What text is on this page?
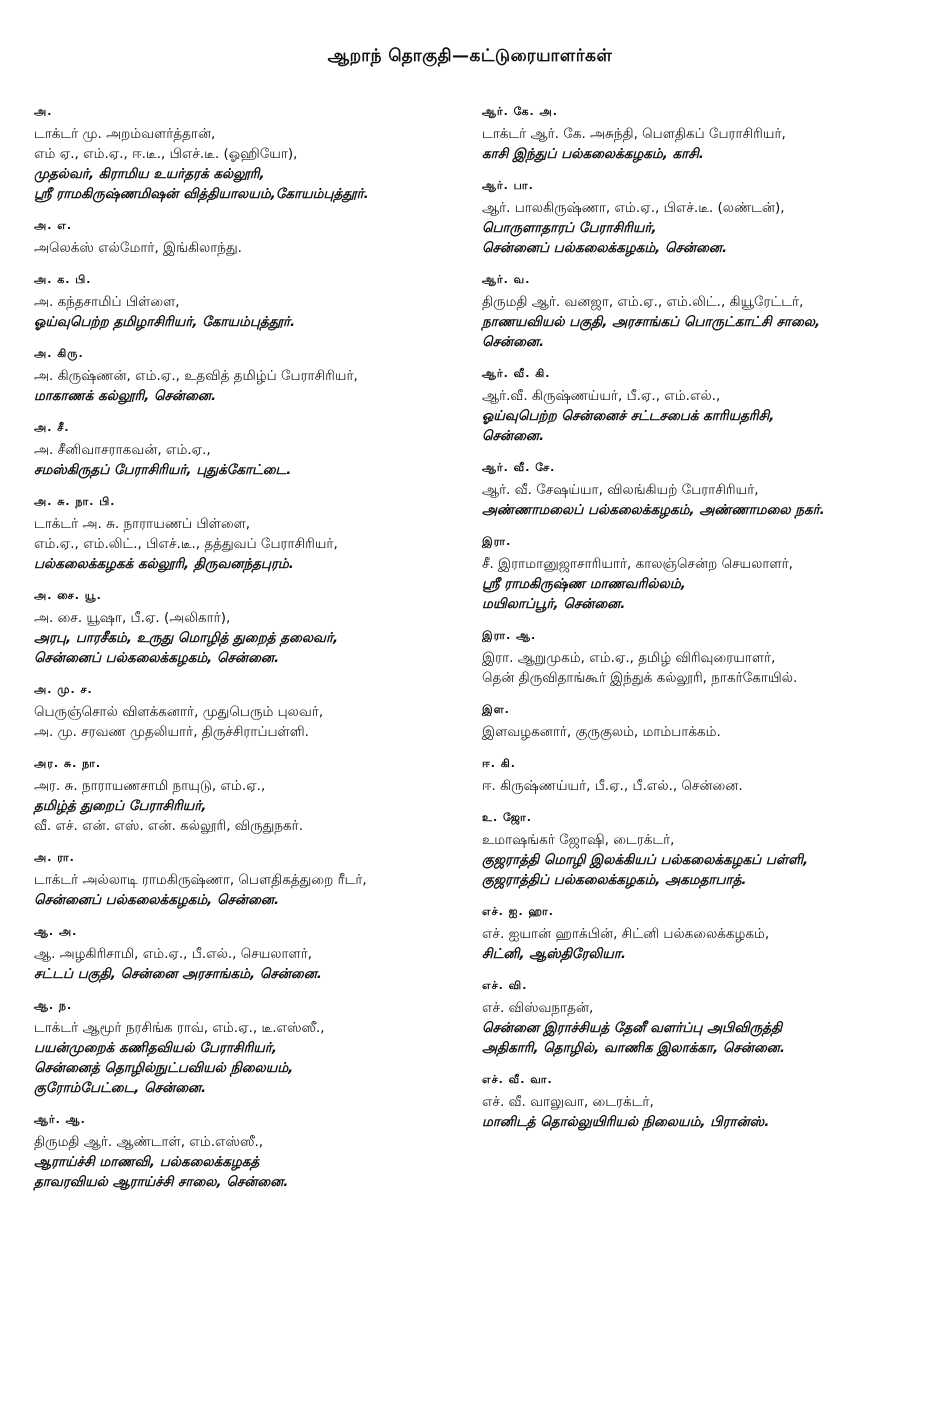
ஆறாந் தொகுதி—கட்டுரையாளர்கள்
அ.
டாக்டர் மு. அறம்வளர்த்தான்,
எம் ஏ., எம்.ஏ., ஈ.டீ., பிஎச்.டீ. (ஓஹியோ),
முதல்வர், கிராமிய உயர்தரக் கல்லூரி,
ஸ்ரீ ராமகிருஷ்ணமிஷன் வித்தியாலயம்,கோயம்புத்தூர்.
அ. எ.
அலெக்ஸ் எல்மோர், இங்கிலாந்து.
அ. க. பி.
அ. கந்தசாமிப் பிள்ளை,
ஓய்வுபெற்ற தமிழாசிரியர், கோயம்புத்தூர்.
அ. கிரு.
அ. கிருஷ்ணன், எம்.ஏ., உதவித் தமிழ்ப் பேராசிரியர்,
மாகாணக் கல்லூரி, சென்னை.
அ. சீ.
அ. சீனிவாசராகவன், எம்.ஏ.,
சமஸ்கிருதப் பேராசிரியர், புதுக்கோட்டை.
அ. சு. நா. பி.
டாக்டர் அ. சு. நாராயணப் பிள்ளை,
எம்.ஏ., எம்.லிட்., பிஎச்.டீ., தத்துவப் பேராசிரியர்,
பல்கலைக்கழகக் கல்லூரி, திருவனந்தபுரம்.
அ. சை. யூ.
அ. சை. யூஷா, பீ.ஏ. (அலிகார்),
அரபு, பாரசீகம், உருது மொழித் துறைத் தலைவர்,
சென்னைப் பல்கலைக்கழகம், சென்னை.
அ. மு. ச.
பெருஞ்சொல் விளக்கனார், முதுபெரும் புலவர்,
அ. மு. சரவண முதலியார், திருச்சிராப்பள்ளி.
அர. சு. நா.
அர. சு. நாராயணசாமி நாயுடு, எம்.ஏ.,
தமிழ்த் துறைப் பேராசிரியர்,
வீ. எச். என். எஸ். என். கல்லூரி, விருதுநகர்.
அ. ரா.
டாக்டர் அல்லாடி ராமகிருஷ்ணா, பௌதிகத்துறை ரீடர்,
சென்னைப் பல்கலைக்கழகம், சென்னை.
ஆ. அ.
ஆ. அழகிரிசாமி, எம்.ஏ., பீ.எல்., செயலாளர்,
சட்டப் பகுதி, சென்னை அரசாங்கம், சென்னை.
ஆ. ந.
டாக்டர் ஆமூர் நரசிங்க ராவ், எம்.ஏ., டீ.எஸ்ஸீ.,
பயன்முறைக் கணிதவியல் பேராசிரியர்,
சென்னைத் தொழில்நுட்பவியல் நிலையம்,
குரோம்பேட்டை, சென்னை.
ஆர். ஆ.
திருமதி ஆர். ஆண்டாள், எம்.எஸ்ஸீ.,
ஆராய்ச்சி மாணவி, பல்கலைக்கழகத்
தாவரவியல் ஆராய்ச்சி சாலை, சென்னை.
ஆர். கே. அ.
டாக்டர் ஆர். கே. அசுந்தி, பௌதிகப் பேராசிரியர்,
காசி இந்துப் பல்கலைக்கழகம், காசி.
ஆர். பா.
ஆர். பாலகிருஷ்ணா, எம்.ஏ., பிஎச்.டீ. (லண்டன்),
பொருளாதாரப் பேராசிரியர்,
சென்னைப் பல்கலைக்கழகம், சென்னை.
ஆர். வ.
திருமதி ஆர். வனஜா, எம்.ஏ., எம்.லிட்., கியூரேட்டர்,
நாணயவியல் பகுதி, அரசாங்கப் பொருட்காட்சி சாலை,
சென்னை.
ஆர். வீ. கி.
ஆர்.வீ. கிருஷ்ணய்யர், பீ.ஏ., எம்.எல்.,
ஓய்வுபெற்ற சென்னைச் சட்டசபைக் காரியதரிசி,
சென்னை.
ஆர். வீ. சே.
ஆர். வீ. சேஷய்யா, விலங்கியற் பேராசிரியர்,
அண்ணாமலைப் பல்கலைக்கழகம், அண்ணாமலை நகர்.
இரா.
சீ. இராமானுஜாசாரியார், காலஞ்சென்ற செயலாளர்,
ஸ்ரீ ராமகிருஷ்ண மாணவரில்லம்,
மயிலாப்பூர், சென்னை.
இரா. ஆ.
இரா. ஆறுமுகம், எம்.ஏ., தமிழ் விரிவுரையாளர்,
தென் திருவிதாங்கூர் இந்துக் கல்லூரி, நாகர்கோயில்.
இள.
இளவழகனார், குருகுலம், மாம்பாக்கம்.
ஈ. கி.
ஈ. கிருஷ்ணய்யர், பீ.ஏ., பீ.எல்., சென்னை.
உ. ஜோ.
உமாஷங்கர் ஜோஷி, டைரக்டர்,
குஜராத்தி மொழி இலக்கியப் பல்கலைக்கழகப் பள்ளி,
குஜராத்திப் பல்கலைக்கழகம், அகமதாபாத்.
எச். ஐ. ஹா.
எச். ஐயான் ஹாக்பின், சிட்னி பல்கலைக்கழகம்,
சிட்னி, ஆஸ்திரேலியா.
எச். வி.
எச். விஸ்வநாதன்,
சென்னை இராச்சியத் தேனீ வளர்ப்பு அபிவிருத்தி
அதிகாரி, தொழில், வாணிக இலாக்கா, சென்னை.
எச். வீ. வா.
எச். வீ. வாலுவா, டைரக்டர்,
மானிடத் தொல்லுயிரியல் நிலையம், பிரான்ஸ்.
